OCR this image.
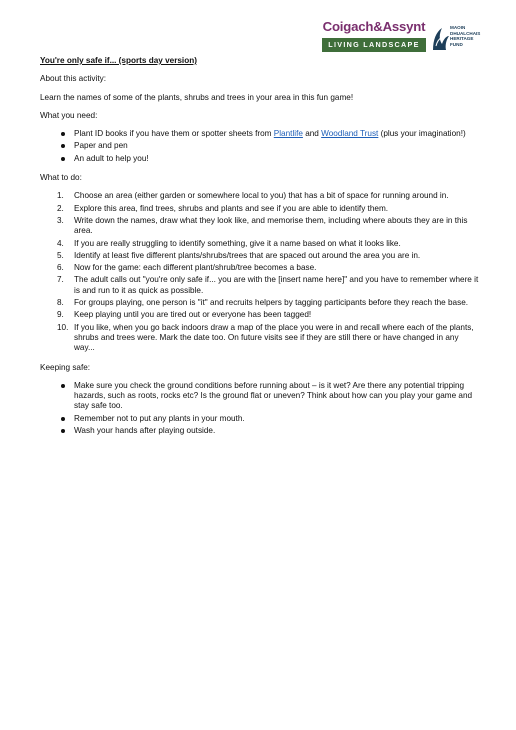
Coigach&Assynt
LIVING LANDSCAPE
MAOIN
DHUALCHAIS
HERITAGE
FUND
You're only safe if... (sports day version)
About this activity:
Learn the names of some of the plants, shrubs and trees in your area in this fun game!
What you need:
Plant ID books if you have them or spotter sheets from Plantlife and Woodland Trust (plus your imagination!)
Paper and pen
An adult to help you!
What to do:
1. Choose an area (either garden or somewhere local to you) that has a bit of space for running around in.
2. Explore this area, find trees, shrubs and plants and see if you are able to identify them.
3. Write down the names, draw what they look like, and memorise them, including where abouts they are in this area.
4. If you are really struggling to identify something, give it a name based on what it looks like.
5. Identify at least five different plants/shrubs/trees that are spaced out around the area you are in.
6. Now for the game: each different plant/shrub/tree becomes a base.
7. The adult calls out "you're only safe if... you are with the [insert name here]" and you have to remember where it is and run to it as quick as possible.
8. For groups playing, one person is "it" and recruits helpers by tagging participants before they reach the base.
9. Keep playing until you are tired out or everyone has been tagged!
10. If you like, when you go back indoors draw a map of the place you were in and recall where each of the plants, shrubs and trees were. Mark the date too. On future visits see if they are still there or have changed in any way...
Keeping safe:
Make sure you check the ground conditions before running about – is it wet? Are there any potential tripping hazards, such as roots, rocks etc? Is the ground flat or uneven? Think about how can you play your game and stay safe too.
Remember not to put any plants in your mouth.
Wash your hands after playing outside.
